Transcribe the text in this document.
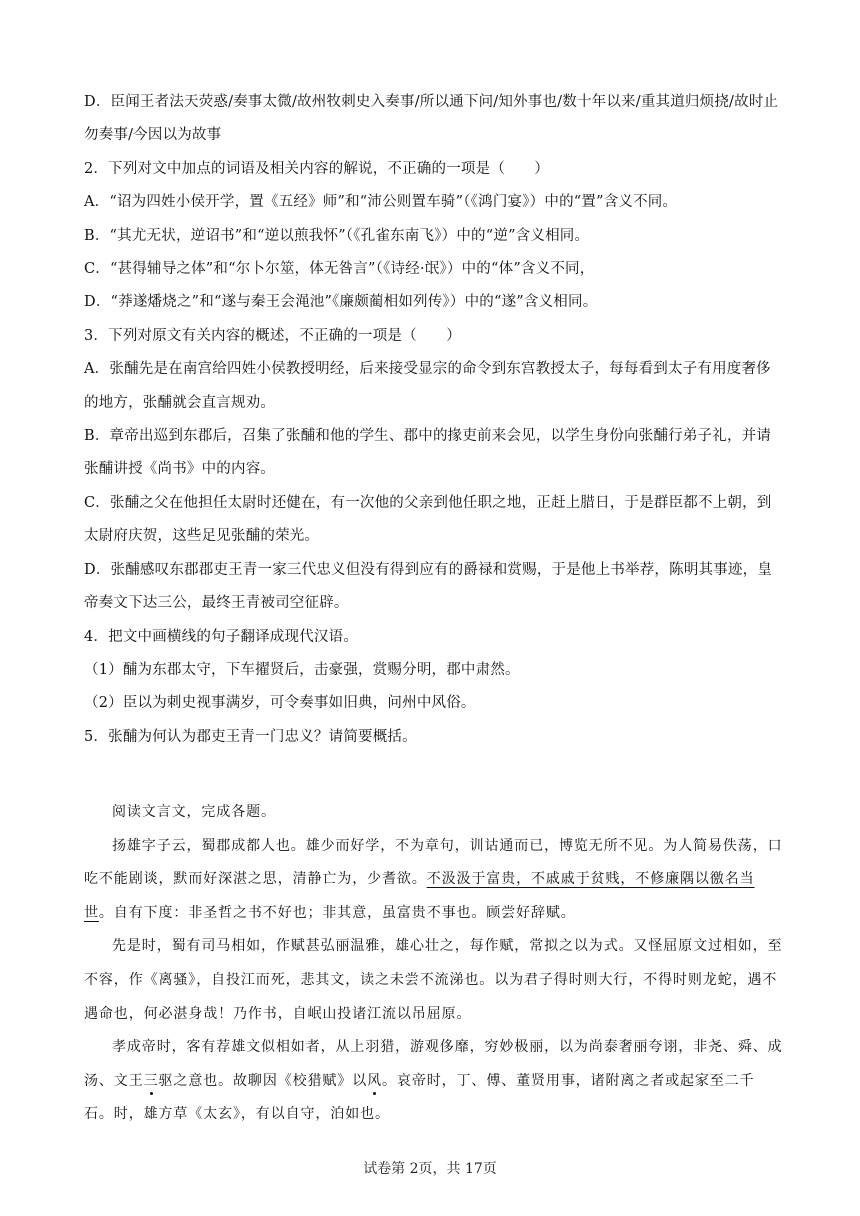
D．臣闻王者法天荧惑/奏事太微/故州牧刺史入奏事/所以通下问/知外事也/数十年以来/重其道归烦挠/故时止勿奏事/今因以为故事

2．下列对文中加点的词语及相关内容的解说，不正确的一项是（　　）

A．“诏为四姓小侯开学，置《五经》师”和“沛公则置车骑”（《鸿门宴》）中的“置”含义不同。

B．“其尤无状，逆诏书”和“逆以煎我怀”（《孔雀东南飞》）中的“逆”含义相同。

C．“甚得辅导之体”和“尔卜尔筮，体无咎言”（《诗经·氓》）中的“体”含义不同，

D．“莽遂燔烧之”和“遂与秦王会渑池”《廉颇蔺相如列传》）中的“遂”含义相同。

3．下列对原文有关内容的概述，不正确的一项是（　　）

A．张酺先是在南宫给四姓小侯教授明经，后来接受显宗的命令到东宫教授太子，每每看到太子有用度奢侈的地方，张酺就会直言规劝。

B．章帝出巡到东郡后，召集了张酺和他的学生、郡中的掾吏前来会见，以学生身份向张酺行弟子礼，并请张酺讲授《尚书》中的内容。

C．张酺之父在他担任太尉时还健在，有一次他的父亲到他任职之地，正赶上腊日，于是群臣都不上朝，到太尉府庆贺，这些足见张酺的荣光。

D．张酺感叹东郡郡吏王青一家三代忠义但没有得到应有的爵禄和赏赐，于是他上书举荐，陈明其事迹，皇帝奏文下达三公，最终王青被司空征辟。

4．把文中画横线的句子翻译成现代汉语。

（1）酺为东郡太守，下车擢贤后，击豪强，赏赐分明，郡中肃然。

（2）臣以为刺史视事满岁，可令奏事如旧典，问州中风俗。

5．张酺为何认为郡吏王青一门忠义？请简要概括。

阅读文言文，完成各题。

扬雄字子云，蜀郡成都人也。雄少而好学，不为章句，训诂通而已，博览无所不见。为人简易佚荡，口吃不能剧谈，默而好深湛之思，清静亡为，少耆欲。不汲汲于富贵，不戚戚于贫贱，不修廉隅以徼名当世。自有下度：非圣哲之书不好也；非其意，虽富贵不事也。顾尝好辞赋。

先是时，蜀有司马相如，作赋甚弘丽温雅，雄心壮之，每作赋，常拟之以为式。又怪屈原文过相如，至不容，作《离骚》，自投江而死，悲其文，读之未尝不流涕也。以为君子得时则大行，不得时则龙蛇，遇不遇命也，何必湛身哉！乃作书，自岷山投诸江流以吊屈原。

孝成帝时，客有荐雄文似相如者，从上羽猎，游观侈靡，穷妙极丽，以为尚泰奢丽夸诩，非尧、舜、成汤、文王三驱之意也。故聊因《校猎赋》以风。哀帝时，丁、傅、董贤用事，诸附离之者或起家至二千石。时，雄方草《太玄》，有以自守，泊如也。

试卷第 2页，共 17页
